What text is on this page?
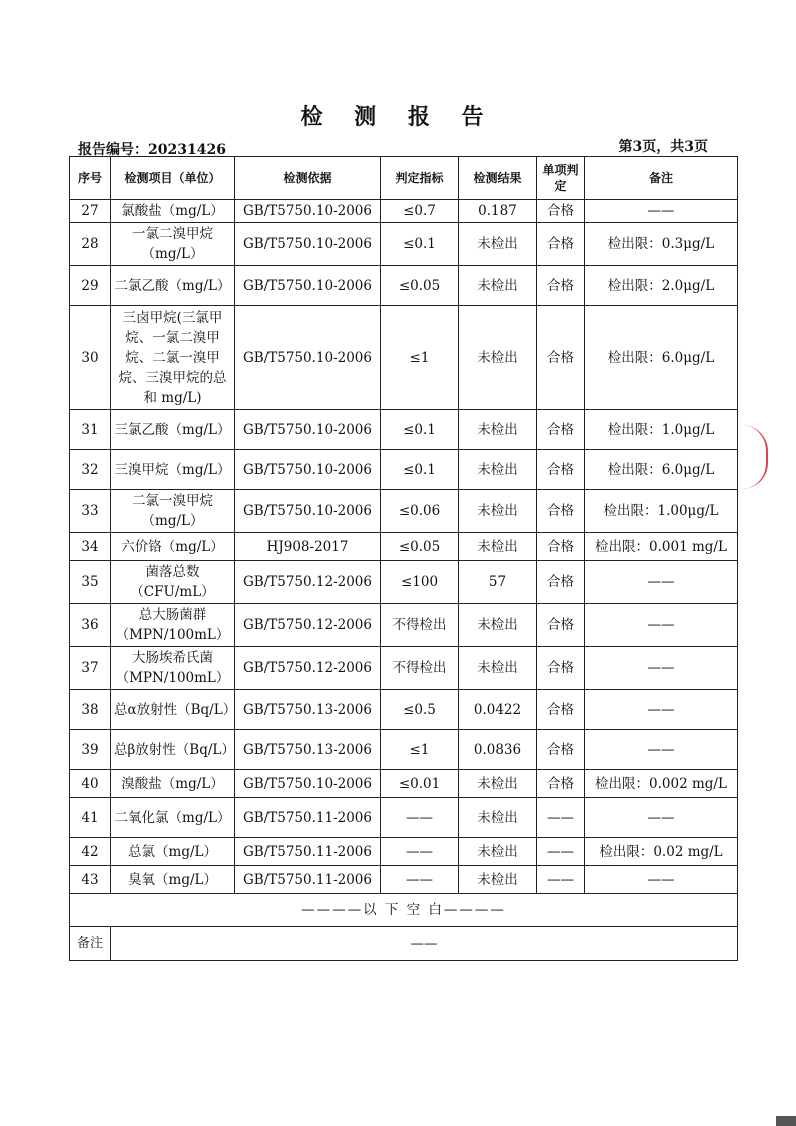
检 测 报 告
报告编号：20231426	第3页，共3页
序号	检测项目（单位）	检测依据	判定指标	检测结果	单项判定	备注
27	氯酸盐（mg/L）	GB/T5750.10-2006	≤0.7	0.187	合格	——
28	一氯二溴甲烷（mg/L）	GB/T5750.10-2006	≤0.1	未检出	合格	检出限：0.3μg/L
29	二氯乙酸（mg/L）	GB/T5750.10-2006	≤0.05	未检出	合格	检出限：2.0μg/L
30	三卤甲烷(三氯甲烷、一氯二溴甲烷、二氯一溴甲烷、三溴甲烷的总和 mg/L)	GB/T5750.10-2006	≤1	未检出	合格	检出限：6.0μg/L
31	三氯乙酸（mg/L）	GB/T5750.10-2006	≤0.1	未检出	合格	检出限：1.0μg/L
32	三溴甲烷（mg/L）	GB/T5750.10-2006	≤0.1	未检出	合格	检出限：6.0μg/L
33	二氯一溴甲烷（mg/L）	GB/T5750.10-2006	≤0.06	未检出	合格	检出限：1.00μg/L
34	六价铬（mg/L）	HJ908-2017	≤0.05	未检出	合格	检出限：0.001 mg/L
35	菌落总数（CFU/mL）	GB/T5750.12-2006	≤100	57	合格	——
36	总大肠菌群（MPN/100mL）	GB/T5750.12-2006	不得检出	未检出	合格	——
37	大肠埃希氏菌（MPN/100mL）	GB/T5750.12-2006	不得检出	未检出	合格	——
38	总α放射性（Bq/L）	GB/T5750.13-2006	≤0.5	0.0422	合格	——
39	总β放射性（Bq/L）	GB/T5750.13-2006	≤1	0.0836	合格	——
40	溴酸盐（mg/L）	GB/T5750.10-2006	≤0.01	未检出	合格	检出限：0.002 mg/L
41	二氧化氯（mg/L）	GB/T5750.11-2006	——	未检出	——	——
42	总氯（mg/L）	GB/T5750.11-2006	——	未检出	——	检出限：0.02 mg/L
43	臭氧（mg/L）	GB/T5750.11-2006	——	未检出	——	——
————以 下 空 白————						
备注	——					
